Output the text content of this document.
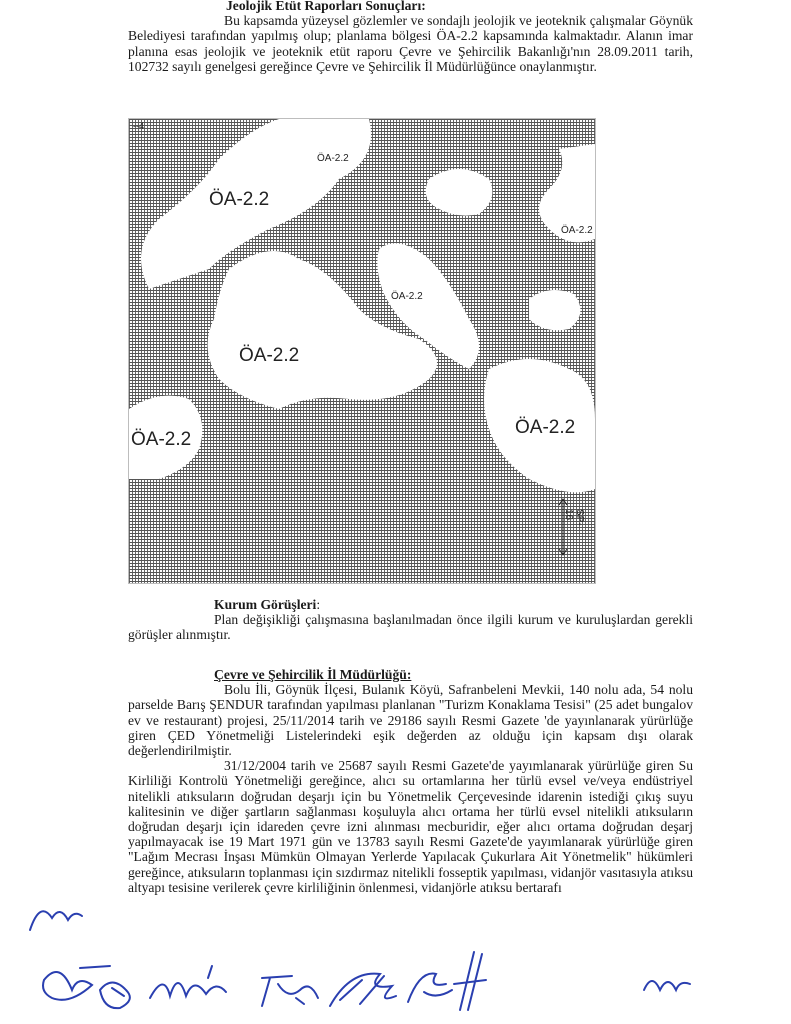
Jeolojik Etüt Raporları Sonuçları:

Bu kapsamda yüzeysel gözlemler ve sondajlı jeolojik ve jeoteknik çalışmalar Göynük Belediyesi tarafından yapılmış olup; planlama bölgesi ÖA-2.2 kapsamında kalmaktadır. Alanın imar planına esas jeolojik ve jeoteknik etüt raporu Çevre ve Şehircilik Bakanlığı'nın 28.09.2011 tarih, 102732 sayılı genelgesi gereğince Çevre ve Şehircilik İl Müdürlüğünce onaylanmıştır.

--4
ÖA-2.2
ÖA-2.2
ÖA-2.2
ÖA-2.2
ÖA-2.2
ÖA-2.2
ÖA-2.2
SP-16

Kurum Görüşleri:

Plan değişikliği çalışmasına başlanılmadan önce ilgili kurum ve kuruluşlardan gerekli görüşler alınmıştır.

Çevre ve Şehircilik İl Müdürlüğü:

Bolu İli, Göynük İlçesi, Bulanık Köyü, Safranbeleni Mevkii, 140 nolu ada, 54 nolu parselde Barış ŞENDUR tarafından yapılması planlanan "Turizm Konaklama Tesisi" (25 adet bungalov ev ve restaurant) projesi, 25/11/2014 tarih ve 29186 sayılı Resmi Gazete 'de yayınlanarak yürürlüğe giren ÇED Yönetmeliği Listelerindeki eşik değerden az olduğu için kapsam dışı olarak değerlendirilmiştir.

31/12/2004 tarih ve 25687 sayılı Resmi Gazete'de yayımlanarak yürürlüğe giren Su Kirliliği Kontrolü Yönetmeliği gereğince, alıcı su ortamlarına her türlü evsel ve/veya endüstriyel nitelikli atıksuların doğrudan deşarjı için bu Yönetmelik Çerçevesinde idarenin istediği çıkış suyu kalitesinin ve diğer şartların sağlanması koşuluyla alıcı ortama her türlü evsel nitelikli atıksuların doğrudan deşarjı için idareden çevre izni alınması mecburidir, eğer alıcı ortama doğrudan deşarj yapılmayacak ise 19 Mart 1971 gün ve 13783 sayılı Resmi Gazete'de yayımlanarak yürürlüğe giren "Lağım Mecrası İnşası Mümkün Olmayan Yerlerde Yapılacak Çukurlara Ait Yönetmelik" hükümleri gereğince, atıksuların toplanması için sızdırmaz nitelikli fosseptik yapılması, vidanjör vasıtasıyla atıksu altyapı tesisine verilerek çevre kirliliğinin önlenmesi, vidanjörle atıksu bertarafı
